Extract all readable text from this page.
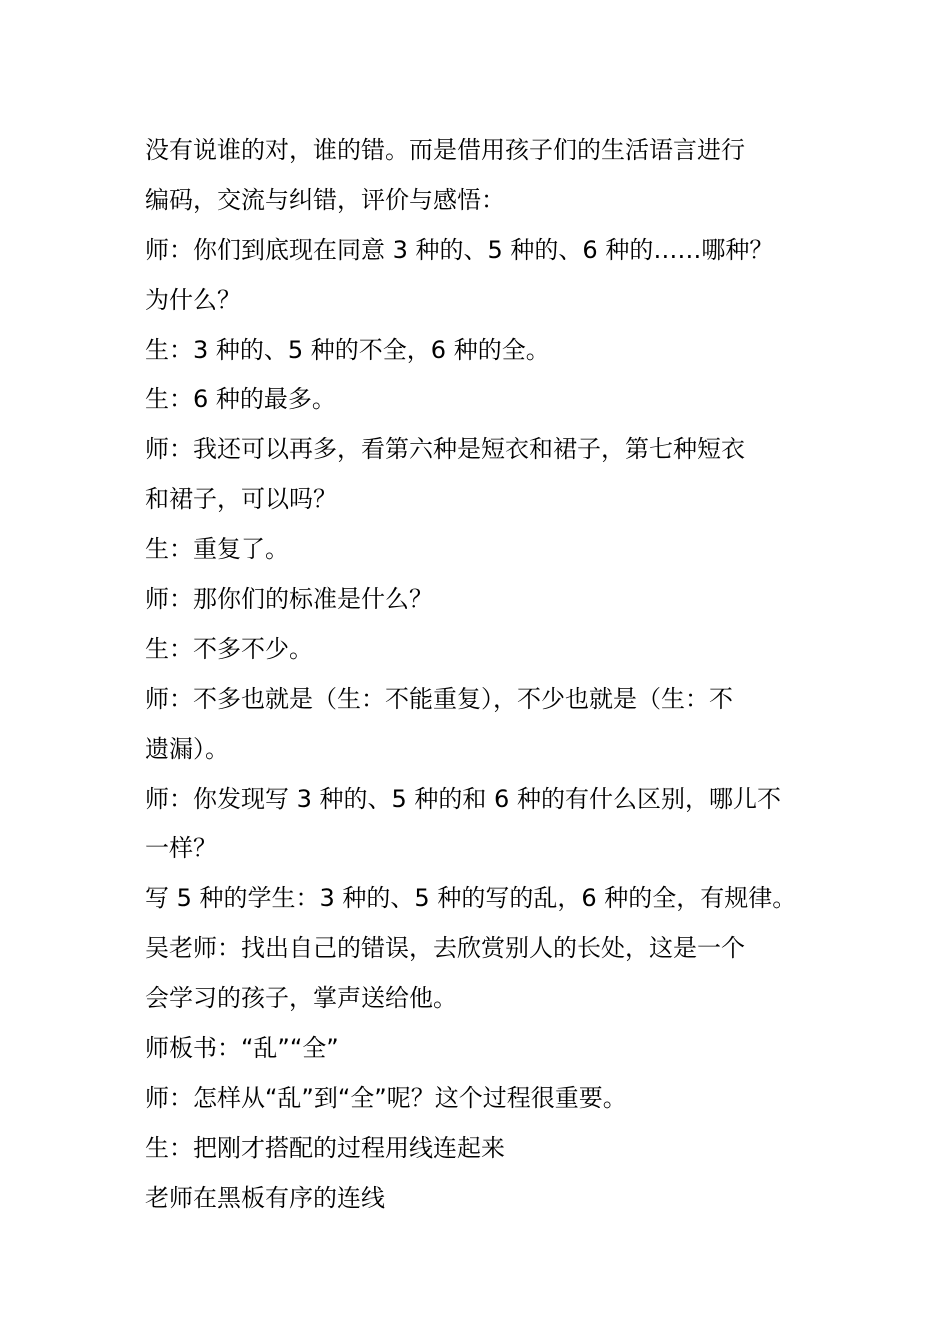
没有说谁的对，谁的错。而是借用孩子们的生活语言进行
编码，交流与纠错，评价与感悟：
师：你们到底现在同意 3 种的、5 种的、6 种的……哪种？
为什么？
生：3 种的、5 种的不全，6 种的全。
生：6 种的最多。
师：我还可以再多，看第六种是短衣和裙子，第七种短衣
和裙子，可以吗？
生：重复了。
师：那你们的标准是什么？
生：不多不少。
师：不多也就是（生：不能重复），不少也就是（生：不
遗漏）。
师：你发现写 3 种的、5 种的和 6 种的有什么区别，哪儿不
一样？
写 5 种的学生：3 种的、5 种的写的乱，6 种的全，有规律。
吴老师：找出自己的错误，去欣赏别人的长处，这是一个
会学习的孩子，掌声送给他。
师板书：“乱”“全”
师：怎样从“乱”到“全”呢？这个过程很重要。
生：把刚才搭配的过程用线连起来
老师在黑板有序的连线
